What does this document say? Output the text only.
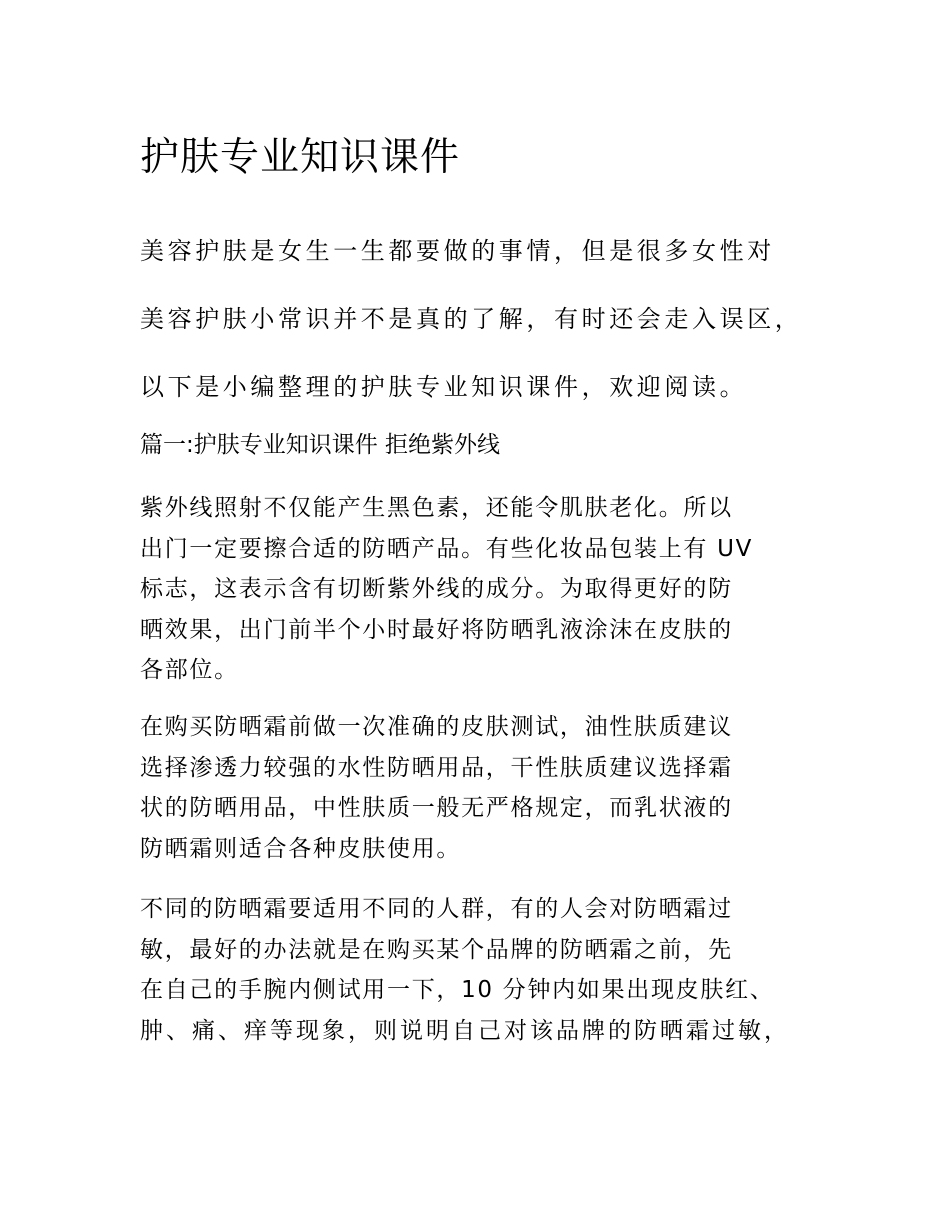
护肤专业知识课件
美容护肤是女生一生都要做的事情，但是很多女性对
美容护肤小常识并不是真的了解，有时还会走入误区，
以下是小编整理的护肤专业知识课件，欢迎阅读。
篇一:护肤专业知识课件 拒绝紫外线
紫外线照射不仅能产生黑色素，还能令肌肤老化。所以
出门一定要擦合适的防晒产品。有些化妆品包装上有 UV
标志，这表示含有切断紫外线的成分。为取得更好的防
晒效果，出门前半个小时最好将防晒乳液涂沫在皮肤的
各部位。
在购买防晒霜前做一次准确的皮肤测试，油性肤质建议
选择渗透力较强的水性防晒用品，干性肤质建议选择霜
状的防晒用品，中性肤质一般无严格规定，而乳状液的
防晒霜则适合各种皮肤使用。
不同的防晒霜要适用不同的人群，有的人会对防晒霜过
敏，最好的办法就是在购买某个品牌的防晒霜之前，先
在自己的手腕内侧试用一下，10 分钟内如果出现皮肤红、
肿、痛、痒等现象，则说明自己对该品牌的防晒霜过敏，
